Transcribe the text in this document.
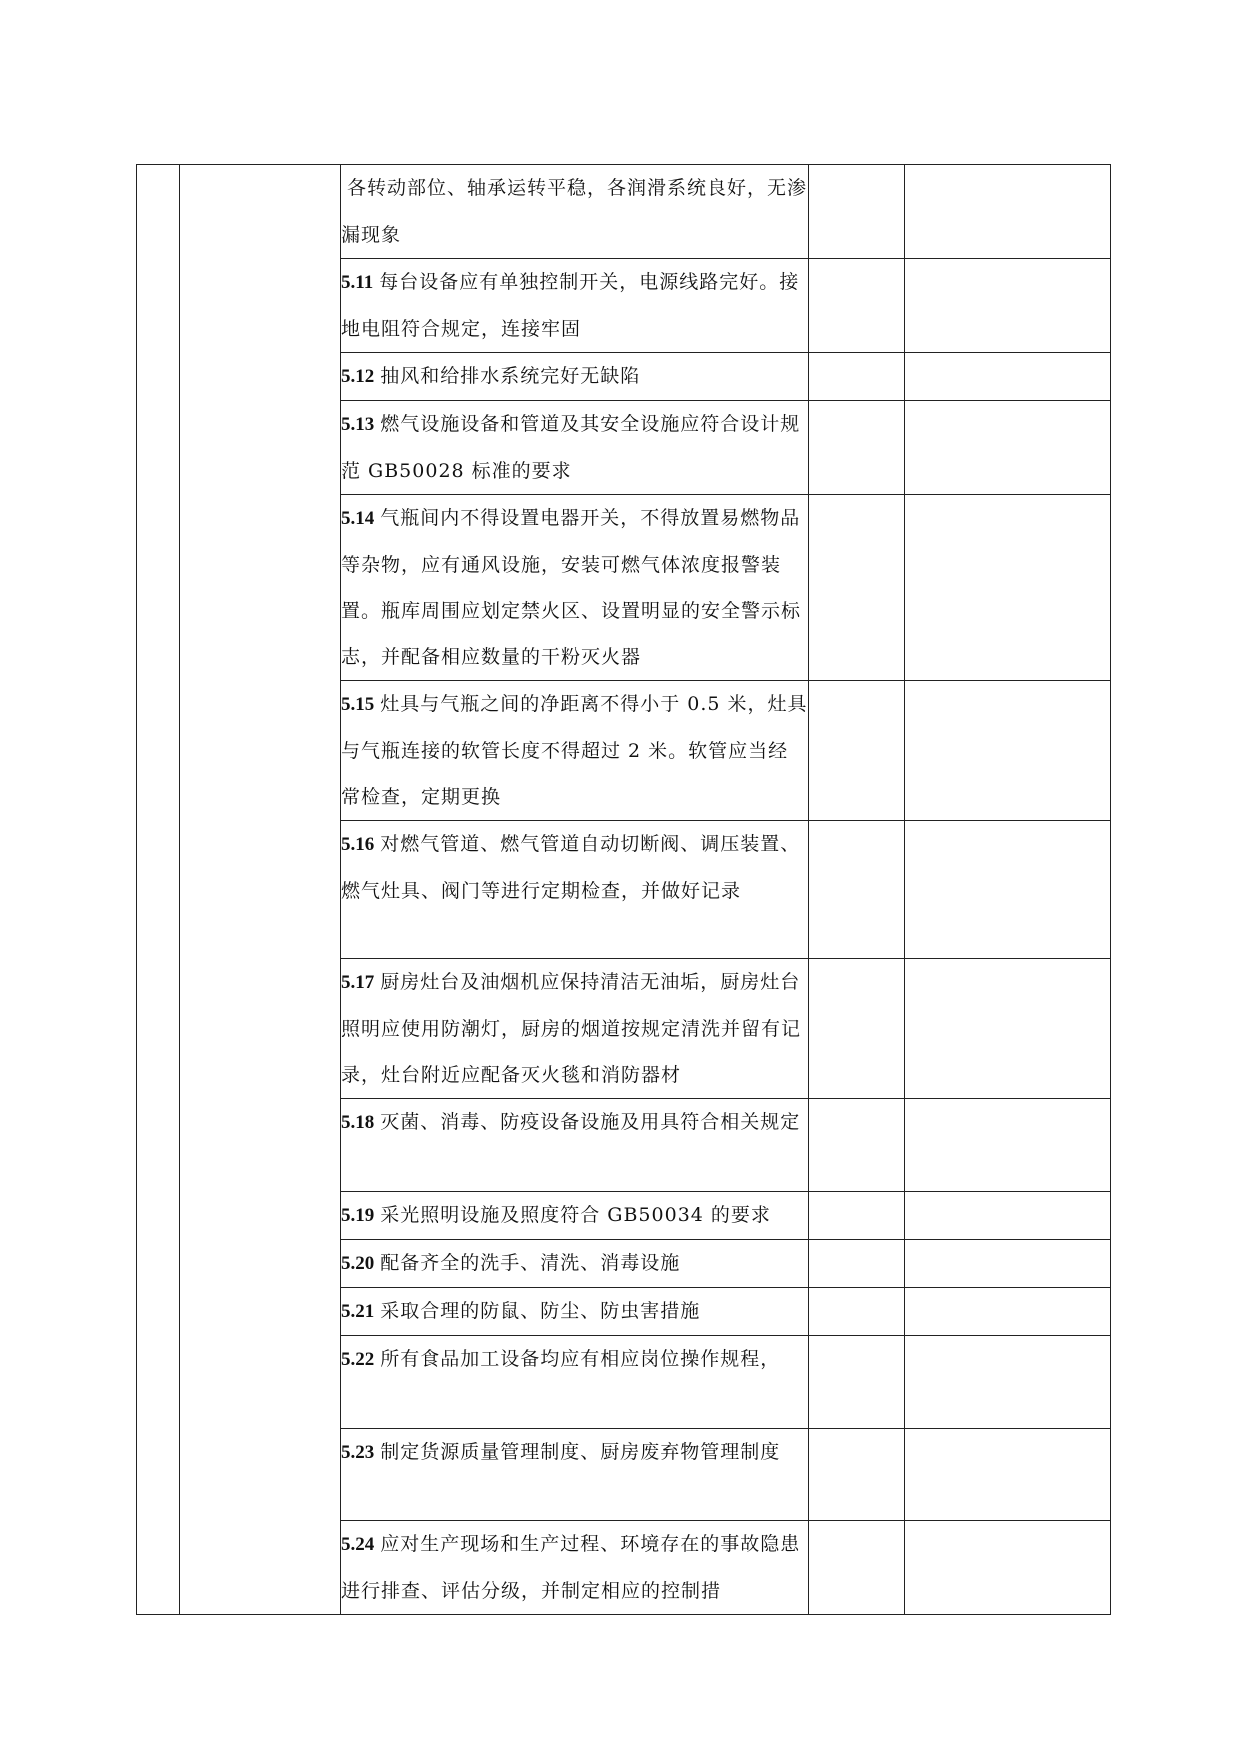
		各转动部位、轴承运转平稳，各润滑系统良好，无渗漏现象		
		5.11 每台设备应有单独控制开关，电源线路完好。接地电阻符合规定，连接牢固		
		5.12 抽风和给排水系统完好无缺陷		
		5.13 燃气设施设备和管道及其安全设施应符合设计规范 GB50028 标准的要求		
		5.14 气瓶间内不得设置电器开关，不得放置易燃物品等杂物，应有通风设施，安装可燃气体浓度报警装置。瓶库周围应划定禁火区、设置明显的安全警示标志，并配备相应数量的干粉灭火器		
		5.15 灶具与气瓶之间的净距离不得小于 0.5 米，灶具与气瓶连接的软管长度不得超过 2 米。软管应当经常检查，定期更换		
		5.16 对燃气管道、燃气管道自动切断阀、调压装置、燃气灶具、阀门等进行定期检查，并做好记录		
		5.17 厨房灶台及油烟机应保持清洁无油垢，厨房灶台照明应使用防潮灯，厨房的烟道按规定清洗并留有记录，灶台附近应配备灭火毯和消防器材		
		5.18 灭菌、消毒、防疫设备设施及用具符合相关规定		
		5.19 采光照明设施及照度符合 GB50034 的要求		
		5.20 配备齐全的洗手、清洗、消毒设施		
		5.21 采取合理的防鼠、防尘、防虫害措施		
		5.22 所有食品加工设备均应有相应岗位操作规程，		
		5.23 制定货源质量管理制度、厨房废弃物管理制度		
		5.24 应对生产现场和生产过程、环境存在的事故隐患进行排查、评估分级，并制定相应的控制措		
